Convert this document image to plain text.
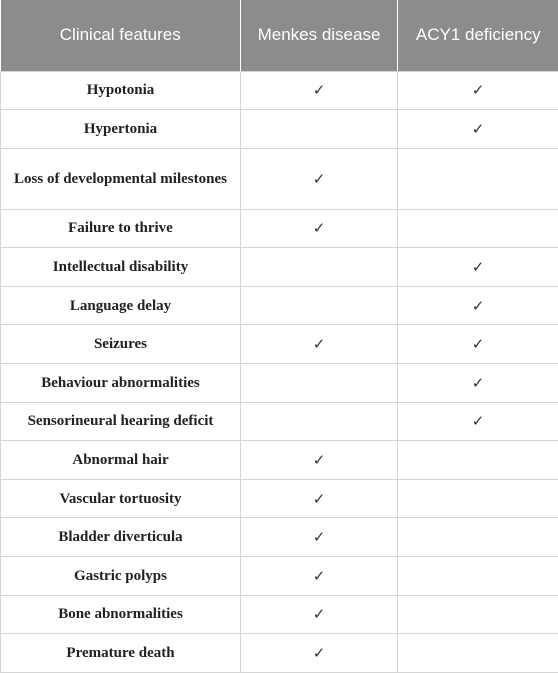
Clinical features	Menkes disease	ACY1 deficiency
Hypotonia	✓	✓
Hypertonia		✓
Loss of developmental milestones	✓	
Failure to thrive	✓	
Intellectual disability		✓
Language delay		✓
Seizures	✓	✓
Behaviour abnormalities		✓
Sensorineural hearing deficit		✓
Abnormal hair	✓	
Vascular tortuosity	✓	
Bladder diverticula	✓	
Gastric polyps	✓	
Bone abnormalities	✓	
Premature death	✓	
